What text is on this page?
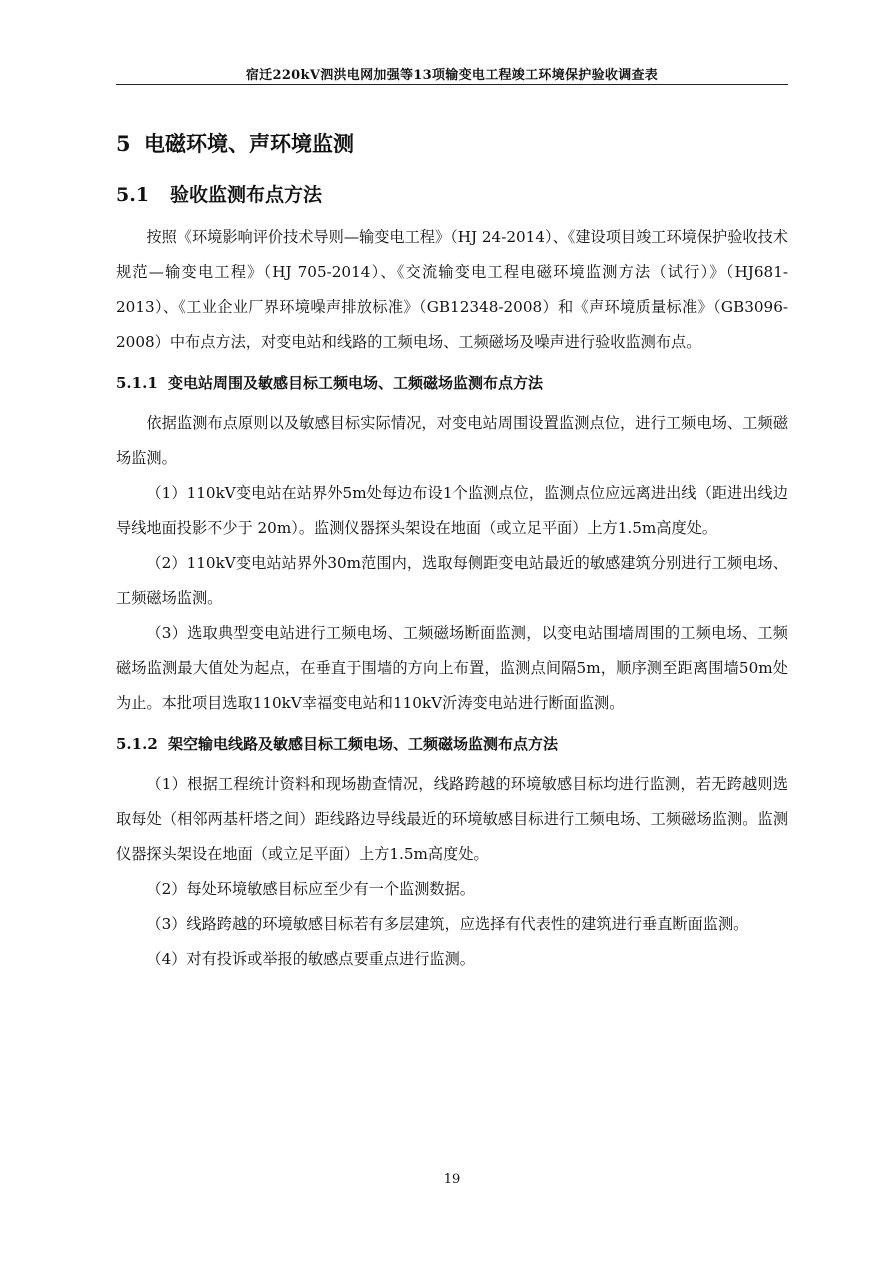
宿迁220kV泗洪电网加强等13项输变电工程竣工环境保护验收调查表
5 电磁环境、声环境监测
5.1 验收监测布点方法

按照《环境影响评价技术导则—输变电工程》（HJ 24-2014）、《建设项目竣工环境保护验收技术规范—输变电工程》（HJ 705-2014）、《交流输变电工程电磁环境监测方法（试行）》（HJ681-2013）、《工业企业厂界环境噪声排放标准》（GB12348-2008）和《声环境质量标准》（GB3096-2008）中布点方法，对变电站和线路的工频电场、工频磁场及噪声进行验收监测布点。

5.1.1 变电站周围及敏感目标工频电场、工频磁场监测布点方法

依据监测布点原则以及敏感目标实际情况，对变电站周围设置监测点位，进行工频电场、工频磁场监测。

（1）110kV变电站在站界外5m处每边布设1个监测点位，监测点位应远离进出线（距进出线边导线地面投影不少于 20m）。监测仪器探头架设在地面（或立足平面）上方1.5m高度处。

（2）110kV变电站站界外30m范围内，选取每侧距变电站最近的敏感建筑分别进行工频电场、工频磁场监测。

（3）选取典型变电站进行工频电场、工频磁场断面监测，以变电站围墙周围的工频电场、工频磁场监测最大值处为起点，在垂直于围墙的方向上布置，监测点间隔5m，顺序测至距离围墙50m处为止。本批项目选取110kV幸福变电站和110kV沂涛变电站进行断面监测。

5.1.2 架空输电线路及敏感目标工频电场、工频磁场监测布点方法

（1）根据工程统计资料和现场勘查情况，线路跨越的环境敏感目标均进行监测，若无跨越则选取每处（相邻两基杆塔之间）距线路边导线最近的环境敏感目标进行工频电场、工频磁场监测。监测仪器探头架设在地面（或立足平面）上方1.5m高度处。

（2）每处环境敏感目标应至少有一个监测数据。

（3）线路跨越的环境敏感目标若有多层建筑，应选择有代表性的建筑进行垂直断面监测。

（4）对有投诉或举报的敏感点要重点进行监测。

19
